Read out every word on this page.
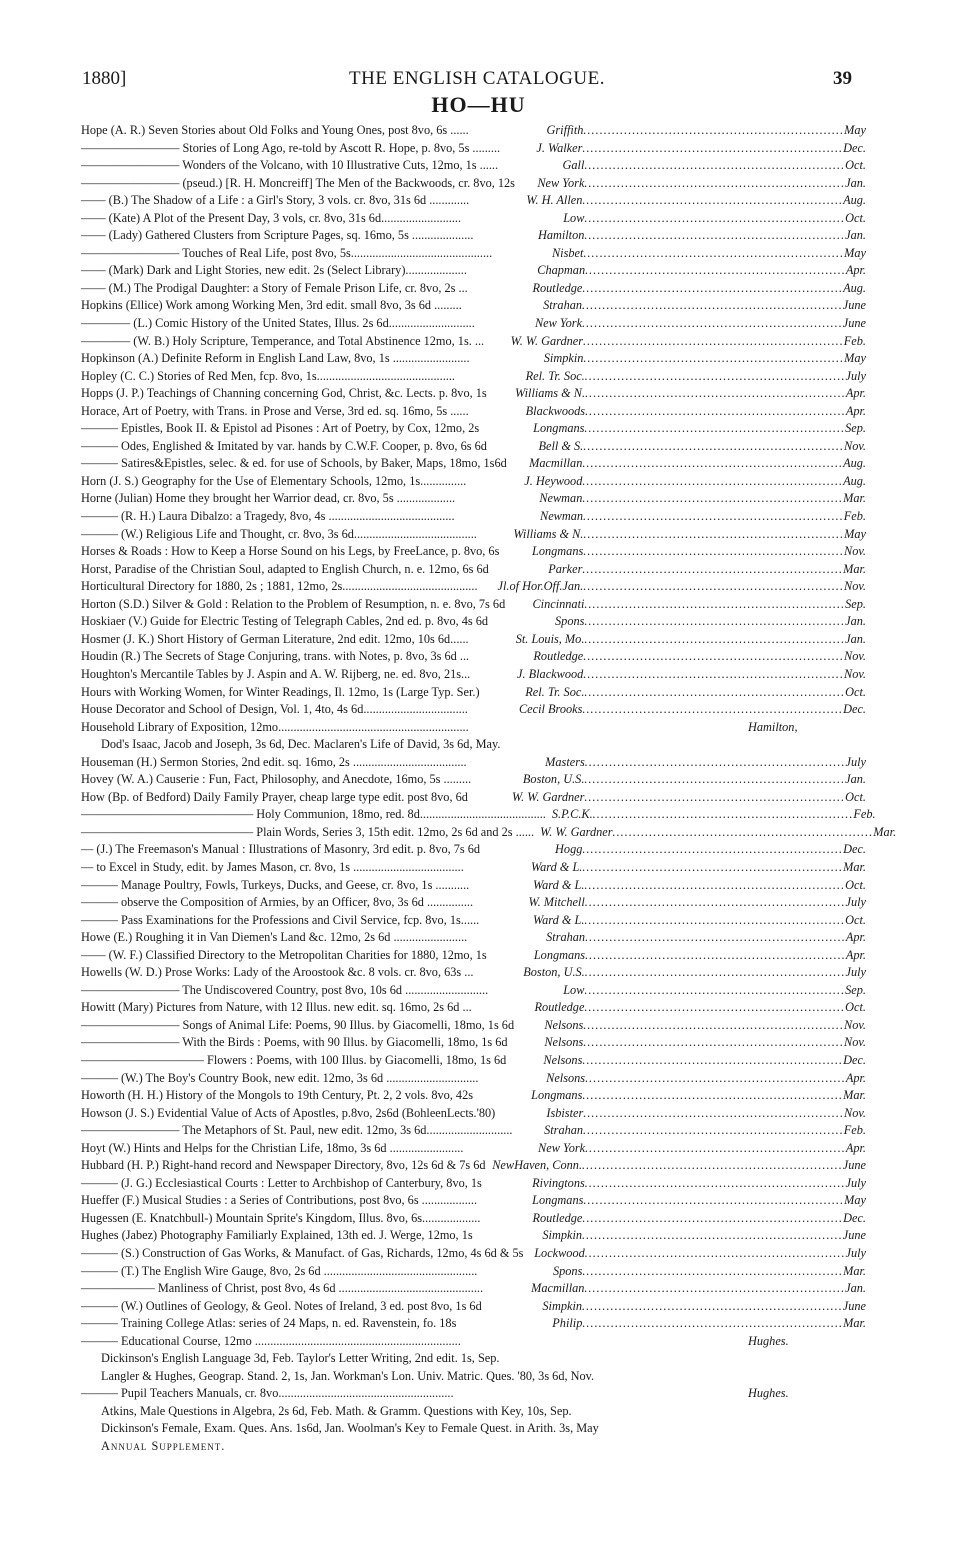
1880]	THE ENGLISH CATALOGUE.	39
HO—HU
Hope (A. R.) Seven Stories about Old Folks and Young Ones, post 8vo, 6s ......	Griffith .....	May
———————— Stories of Long Ago, re-told by Ascott R. Hope, p. 8vo, 5s .........	J. Walker .....	Dec.
———————— Wonders of the Volcano, with 10 Illustrative Cuts, 12mo, 1s ......	Gall .....	Oct.
———————— (pseud.) [R. H. Moncreiff] The Men of the Backwoods, cr. 8vo, 12s	New York .....	Jan.
—— (B.) The Shadow of a Life : a Girl's Story, 3 vols. cr. 8vo, 31s 6d .............	W. H. Allen .....	Aug.
—— (Kate) A Plot of the Present Day, 3 vols, cr. 8vo, 31s 6d..........................	Low .....	Oct.
—— (Lady) Gathered Clusters from Scripture Pages, sq. 16mo, 5s ....................	Hamilton .....	Jan.
———————— Touches of Real Life, post 8vo, 5s..............................................	Nisbet .....	May
—— (Mark) Dark and Light Stories, new edit. 2s (Select Library)....................	Chapman .....	Apr.
—— (M.) The Prodigal Daughter: a Story of Female Prison Life, cr. 8vo, 2s ...	Routledge .....	Aug.
Hopkins (Ellice) Work among Working Men, 3rd edit. small 8vo, 3s 6d .........	Strahan .....	June
———— (L.) Comic History of the United States, Illus. 2s 6d............................	New York .....	June
———— (W. B.) Holy Scripture, Temperance, and Total Abstinence 12mo, 1s. ...	W. W. Gardner .....	Feb.
Hopkinson (A.) Definite Reform in English Land Law, 8vo, 1s .........................	Simpkin .....	May
Hopley (C. C.) Stories of Red Men, fcp. 8vo, 1s.............................................	Rel. Tr. Soc. .....	July
Hopps (J. P.) Teachings of Channing concerning God, Christ, &c. Lects. p. 8vo, 1s	Williams & N. .....	Apr.
Horace, Art of Poetry, with Trans. in Prose and Verse, 3rd ed. sq. 16mo, 5s ......	Blackwoods .....	Apr.
——— Epistles, Book II. & Epistol ad Pisones : Art of Poetry, by Cox, 12mo, 2s	Longmans .....	Sep.
——— Odes, Englished & Imitated by var. hands by C.W.F. Cooper, p. 8vo, 6s 6d	Bell & S. .....	Nov.
——— Satires&Epistles, selec. & ed. for use of Schools, by Baker, Maps, 18mo, 1s6d	Macmillan .....	Aug.
Horn (J. S.) Geography for the Use of Elementary Schools, 12mo, 1s...............	J. Heywood .....	Aug.
Horne (Julian) Home they brought her Warrior dead, cr. 8vo, 5s ...................	Newman .....	Mar.
——— (R. H.) Laura Dibalzo: a Tragedy, 8vo, 4s .........................................	Newman .....	Feb.
——— (W.) Religious Life and Thought, cr. 8vo, 3s 6d........................................	Williams & N. .....	May
Horses & Roads : How to Keep a Horse Sound on his Legs, by FreeLance, p. 8vo, 6s	Longmans .....	Nov.
Horst, Paradise of the Christian Soul, adapted to English Church, n. e. 12mo, 6s 6d	Parker .....	Mar.
Horticultural Directory for 1880, 2s ; 1881, 12mo, 2s............................................	Jl.of Hor.Off.Jan. .....	Nov.
Horton (S.D.) Silver & Gold : Relation to the Problem of Resumption, n. e. 8vo, 7s 6d	Cincinnati .....	Sep.
Hoskiaer (V.) Guide for Electric Testing of Telegraph Cables, 2nd ed. p. 8vo, 4s 6d	Spons .....	Jan.
Hosmer (J. K.) Short History of German Literature, 2nd edit. 12mo, 10s 6d......	St. Louis, Mo. .....	Jan.
Houdin (R.) The Secrets of Stage Conjuring, trans. with Notes, p. 8vo, 3s 6d ...	Routledge .....	Nov.
Houghton's Mercantile Tables by J. Aspin and A. W. Rijberg, ne. ed. 8vo, 21s...	J. Blackwood .....	Nov.
Hours with Working Women, for Winter Readings, Il. 12mo, 1s (Large Typ. Ser.)	Rel. Tr. Soc. .....	Oct.
House Decorator and School of Design, Vol. 1, 4to, 4s 6d..................................	Cecil Brooks .....	Dec.
Household Library of Exposition, 12mo..............................................................	Hamilton,
Dod's Isaac, Jacob and Joseph, 3s 6d, Dec. Maclaren's Life of David, 3s 6d, May.
Houseman (H.) Sermon Stories, 2nd edit. sq. 16mo, 2s .....................................	Masters .....	July
Hovey (W. A.) Causerie : Fun, Fact, Philosophy, and Anecdote, 16mo, 5s .........	Boston, U.S. .....	Jan.
How (Bp. of Bedford) Daily Family Prayer, cheap large type edit. post 8vo, 6d	W. W. Gardner .....	Oct.
—————————————— Holy Communion, 18mo, red. 8d......................................... S.P.C.K. .....	Feb.
—————————————— Plain Words, Series 3, 15th edit. 12mo, 2s 6d and 2s ...... W. W. Gardner .....	Mar.
— (J.) The Freemason's Manual : Illustrations of Masonry, 3rd edit. p. 8vo, 7s 6d	Hogg .....	Dec.
— to Excel in Study, edit. by James Mason, cr. 8vo, 1s ....................................	Ward & L. .....	Mar.
——— Manage Poultry, Fowls, Turkeys, Ducks, and Geese, cr. 8vo, 1s ...........	Ward & L. .....	Oct.
——— observe the Composition of Armies, by an Officer, 8vo, 3s 6d ...............	W. Mitchell .....	July
——— Pass Examinations for the Professions and Civil Service, fcp. 8vo, 1s......	Ward & L. .....	Oct.
Howe (E.) Roughing it in Van Diemen's Land &c. 12mo, 2s 6d ........................	Strahan .....	Apr.
—— (W. F.) Classified Directory to the Metropolitan Charities for 1880, 12mo, 1s	Longmans .....	Apr.
Howells (W. D.) Prose Works: Lady of the Aroostook &c. 8 vols. cr. 8vo, 63s ...	Boston, U.S. .....	July
———————— The Undiscovered Country, post 8vo, 10s 6d ...........................	Low .....	Sep.
Howitt (Mary) Pictures from Nature, with 12 Illus. new edit. sq. 16mo, 2s 6d ...	Routledge .....	Oct.
———————— Songs of Animal Life: Poems, 90 Illus. by Giacomelli, 18mo, 1s 6d	Nelsons .....	Nov.
———————— With the Birds : Poems, with 90 Illus. by Giacomelli, 18mo, 1s 6d	Nelsons .....	Nov.
—————————— Flowers : Poems, with 100 Illus. by Giacomelli, 18mo, 1s 6d	Nelsons .....	Dec.
——— (W.) The Boy's Country Book, new edit. 12mo, 3s 6d ..............................	Nelsons .....	Apr.
Howorth (H. H.) History of the Mongols to 19th Century, Pt. 2, 2 vols. 8vo, 42s	Longmans .....	Mar.
Howson (J. S.) Evidential Value of Acts of Apostles, p.8vo, 2s6d (BohleenLects.'80)	Isbister .....	Nov.
———————— The Metaphors of St. Paul, new edit. 12mo, 3s 6d............................	Strahan .....	Feb.
Hoyt (W.) Hints and Helps for the Christian Life, 18mo, 3s 6d ........................	New York .....	Apr.
Hubbard (H. P.) Right-hand record and Newspaper Directory, 8vo, 12s 6d & 7s 6d NewHaven, Conn. .....	June
——— (J. G.) Ecclesiastical Courts : Letter to Archbishop of Canterbury, 8vo, 1s	Rivingtons .....	July
Hueffer (F.) Musical Studies : a Series of Contributions, post 8vo, 6s ..................	Longmans .....	May
Hugessen (E. Knatchbull-) Mountain Sprite's Kingdom, Illus. 8vo, 6s...................	Routledge .....	Dec.
Hughes (Jabez) Photography Familiarly Explained, 13th ed. J. Werge, 12mo, 1s	Simpkin .....	June
——— (S.) Construction of Gas Works, & Manufact. of Gas, Richards, 12mo, 4s 6d & 5s Lockwood .....	July
——— (T.) The English Wire Gauge, 8vo, 2s 6d ..................................................	Spons .....	Mar.
—————— Manliness of Christ, post 8vo, 4s 6d ...............................................	Macmillan .....	Jan.
——— (W.) Outlines of Geology, & Geol. Notes of Ireland, 3 ed. post 8vo, 1s 6d	Simpkin .....	June
——— Training College Atlas: series of 24 Maps, n. ed. Ravenstein, fo. 18s	Philip .....	Mar.
——— Educational Course, 12mo ...................................................................	Hughes.
Dickinson's English Language 3d, Feb. Taylor's Letter Writing, 2nd edit. 1s, Sep.
Langler & Hughes, Geograp. Stand. 2, 1s, Jan. Workman's Lon. Univ. Matric. Ques. '80, 3s 6d, Nov.
——— Pupil Teachers Manuals, cr. 8vo.........................................................	Hughes.
Atkins, Male Questions in Algebra, 2s 6d, Feb. Math. & Gramm. Questions with Key, 10s, Sep.
Dickinson's Female, Exam. Ques. Ans. 1s6d, Jan. Woolman's Key to Female Quest. in Arith. 3s, May
Annual Supplement.
